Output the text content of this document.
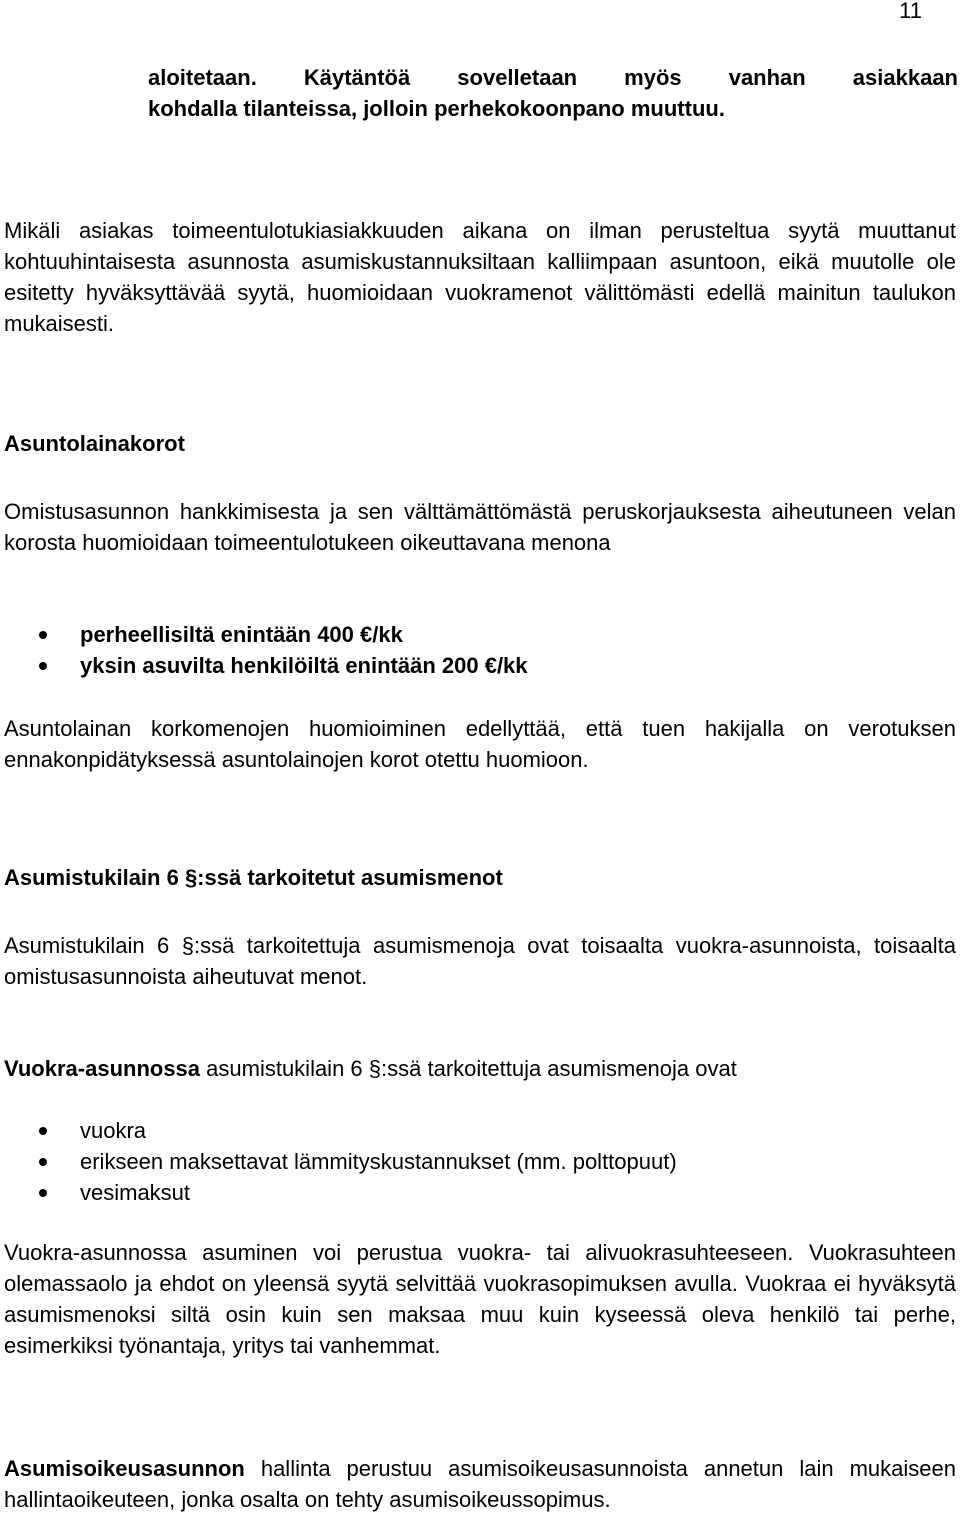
11
aloitetaan. Käytäntöä sovelletaan myös vanhan asiakkaan
kohdalla tilanteissa, jolloin perhekokoonpano muuttuu.
Mikäli asiakas toimeentulotukiasiakkuuden aikana on ilman perusteltua syytä muuttanut kohtuuhintaisesta asunnosta asumiskustannuksiltaan kalliimpaan asuntoon, eikä muutolle ole esitetty hyväksyttävää syytä, huomioidaan vuokramenot välittömästi edellä mainitun taulukon mukaisesti.
Asuntolainakorot
Omistusasunnon hankkimisesta ja sen välttämättömästä peruskorjauksesta aiheutuneen velan korosta huomioidaan toimeentulotukeen oikeuttavana menona
perheellisiltä enintään 400 €/kk
yksin asuvilta henkilöiltä enintään 200 €/kk
Asuntolainan korkomenojen huomioiminen edellyttää, että tuen hakijalla on verotuksen ennakonpidätyksessä asuntolainojen korot otettu huomioon.
Asumistukilain 6 §:ssä tarkoitetut asumismenot
Asumistukilain 6 §:ssä tarkoitettuja asumismenoja ovat toisaalta vuokra-asunnoista, toisaalta omistusasunnoista aiheutuvat menot.
Vuokra-asunnossa asumistukilain 6 §:ssä tarkoitettuja asumismenoja ovat
vuokra
erikseen maksettavat lämmityskustannukset (mm. polttopuut)
vesimaksut
Vuokra-asunnossa asuminen voi perustua vuokra- tai alivuokrasuhteeseen. Vuokrasuhteen olemassaolo ja ehdot on yleensä syytä selvittää vuokrasopimuksen avulla. Vuokraa ei hyväksytä asumismenoksi siltä osin kuin sen maksaa muu kuin kyseessä oleva henkilö tai perhe, esimerkiksi työnantaja, yritys tai vanhemmat.
Asumisoikeusasunnon hallinta perustuu asumisoikeusasunnoista annetun lain mukaiseen hallintaoikeuteen, jonka osalta on tehty asumisoikeussopimus.
